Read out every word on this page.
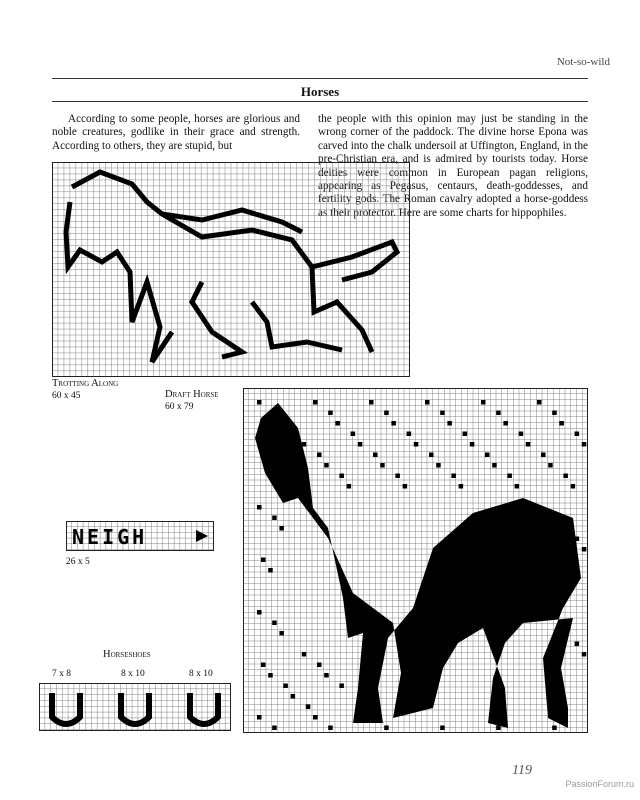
Not-so-wild
Horses

According to some people, horses are glorious and noble creatures, godlike in their grace and strength. According to others, they are stupid, but

the people with this opinion may just be standing in the wrong corner of the paddock. The divine horse Epona was carved into the chalk undersoil at Uffington, England, in the pre-Christian era, and is admired by tourists today. Horse deities were common in European pagan religions, appearing as Pegasus, centaurs, death-goddesses, and fertility gods. The Roman cavalry adopted a horse-goddess as their protector. Here are some charts for hippophiles.

Trotting Along
60 x 45	Draft Horse
60 x 79
NEIGH
26 x 5
Horseshoes
7 x 8	8 x 10	8 x 10
119
PassionForum.ru
